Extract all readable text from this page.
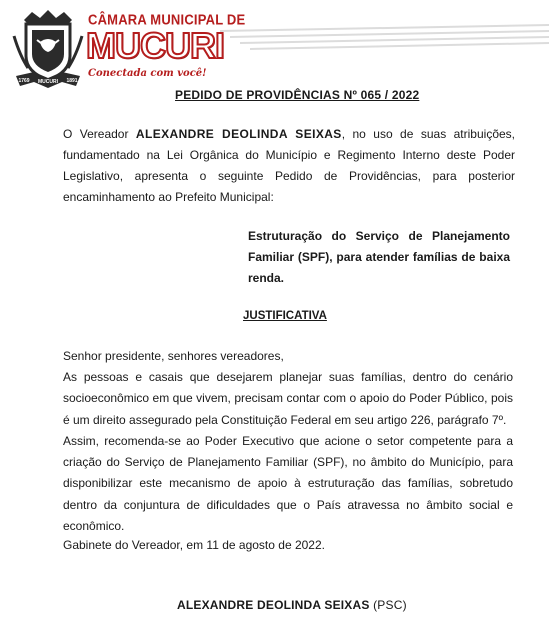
MUCURI
1769	1891
CÂMARA MUNICIPAL DE
MUCURI
Conectada com você!
PEDIDO DE PROVIDÊNCIAS Nº 065 / 2022
O Vereador ALEXANDRE DEOLINDA SEIXAS, no uso de suas atribuições, fundamentado na Lei Orgânica do Município e Regimento Interno deste Poder Legislativo, apresenta o seguinte Pedido de Providências, para posterior encaminhamento ao Prefeito Municipal:
Estruturação do Serviço de Planejamento Familiar (SPF), para atender famílias de baixa renda.
JUSTIFICATIVA
Senhor presidente, senhores vereadores,
As pessoas e casais que desejarem planejar suas famílias, dentro do cenário socioeconômico em que vivem, precisam contar com o apoio do Poder Público, pois é um direito assegurado pela Constituição Federal em seu artigo 226, parágrafo 7º.
Assim, recomenda-se ao Poder Executivo que acione o setor competente para a criação do Serviço de Planejamento Familiar (SPF), no âmbito do Município, para disponibilizar este mecanismo de apoio à estruturação das famílias, sobretudo dentro da conjuntura de dificuldades que o País atravessa no âmbito social e econômico.
Gabinete do Vereador, em 11 de agosto de 2022.
ALEXANDRE DEOLINDA SEIXAS (PSC)
